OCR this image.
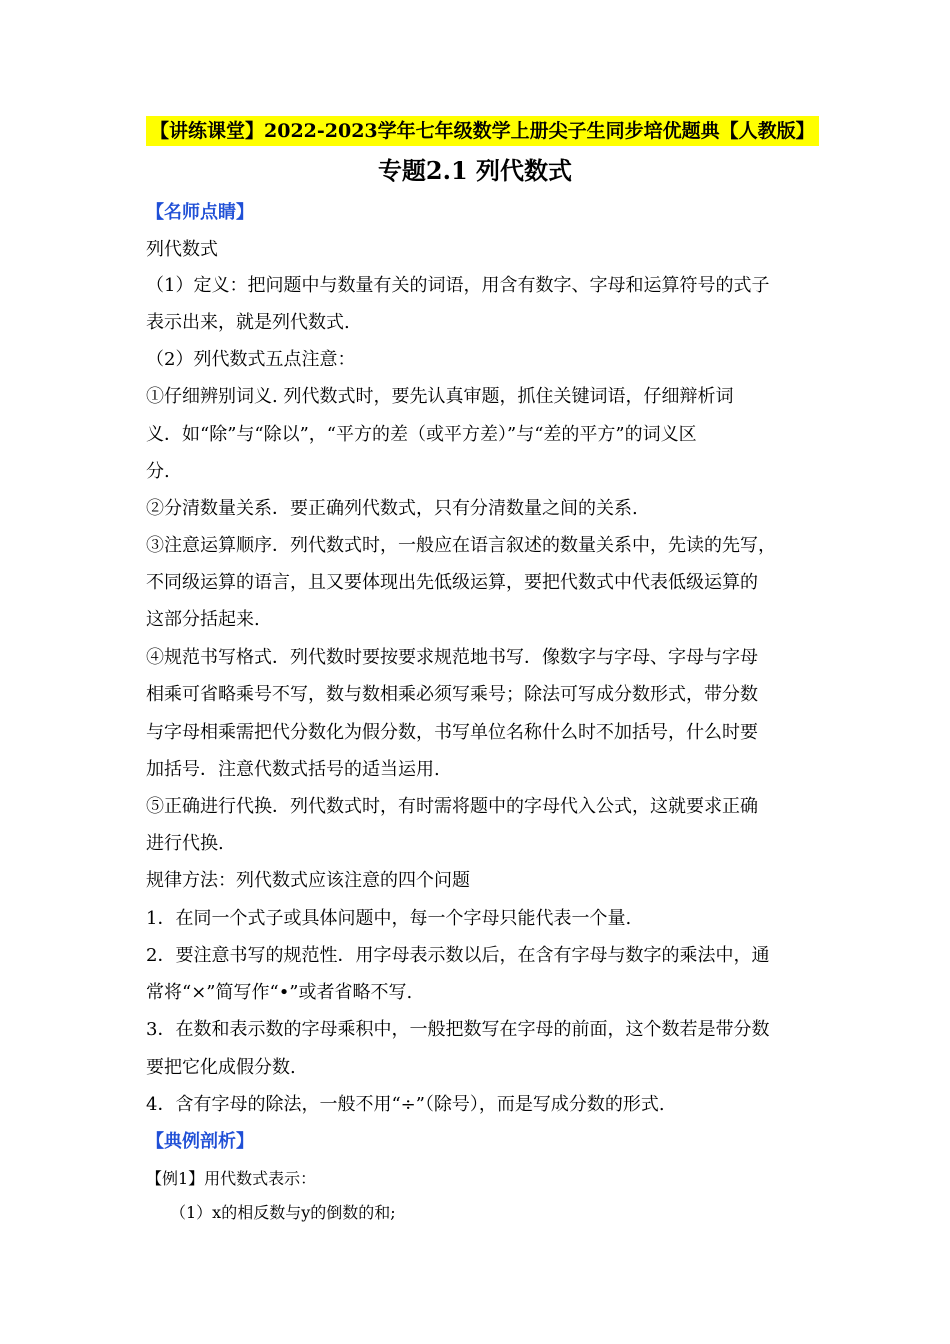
【讲练课堂】2022-2023学年七年级数学上册尖子生同步培优题典【人教版】
专题2.1 列代数式
【名师点睛】
列代数式
（1）定义：把问题中与数量有关的词语，用含有数字、字母和运算符号的式子
表示出来，就是列代数式.
（2）列代数式五点注意：
①仔细辨别词义. 列代数式时，要先认真审题，抓住关键词语，仔细辩析词
义．如“除”与“除以”，“平方的差（或平方差）”与“差的平方”的词义区
分.
②分清数量关系．要正确列代数式，只有分清数量之间的关系.
③注意运算顺序．列代数式时，一般应在语言叙述的数量关系中，先读的先写，
不同级运算的语言，且又要体现出先低级运算，要把代数式中代表低级运算的
这部分括起来.
④规范书写格式．列代数时要按要求规范地书写．像数字与字母、字母与字母
相乘可省略乘号不写，数与数相乘必须写乘号；除法可写成分数形式，带分数
与字母相乘需把代分数化为假分数，书写单位名称什么时不加括号，什么时要
加括号．注意代数式括号的适当运用.
⑤正确进行代换．列代数式时，有时需将题中的字母代入公式，这就要求正确
进行代换.
规律方法：列代数式应该注意的四个问题
1．在同一个式子或具体问题中，每一个字母只能代表一个量.
2．要注意书写的规范性．用字母表示数以后，在含有字母与数字的乘法中，通
常将“×”简写作“•”或者省略不写.
3．在数和表示数的字母乘积中，一般把数写在字母的前面，这个数若是带分数
要把它化成假分数.
4．含有字母的除法，一般不用“÷”（除号），而是写成分数的形式.
【典例剖析】
【例1】用代数式表示：
（1）x的相反数与y的倒数的和;
